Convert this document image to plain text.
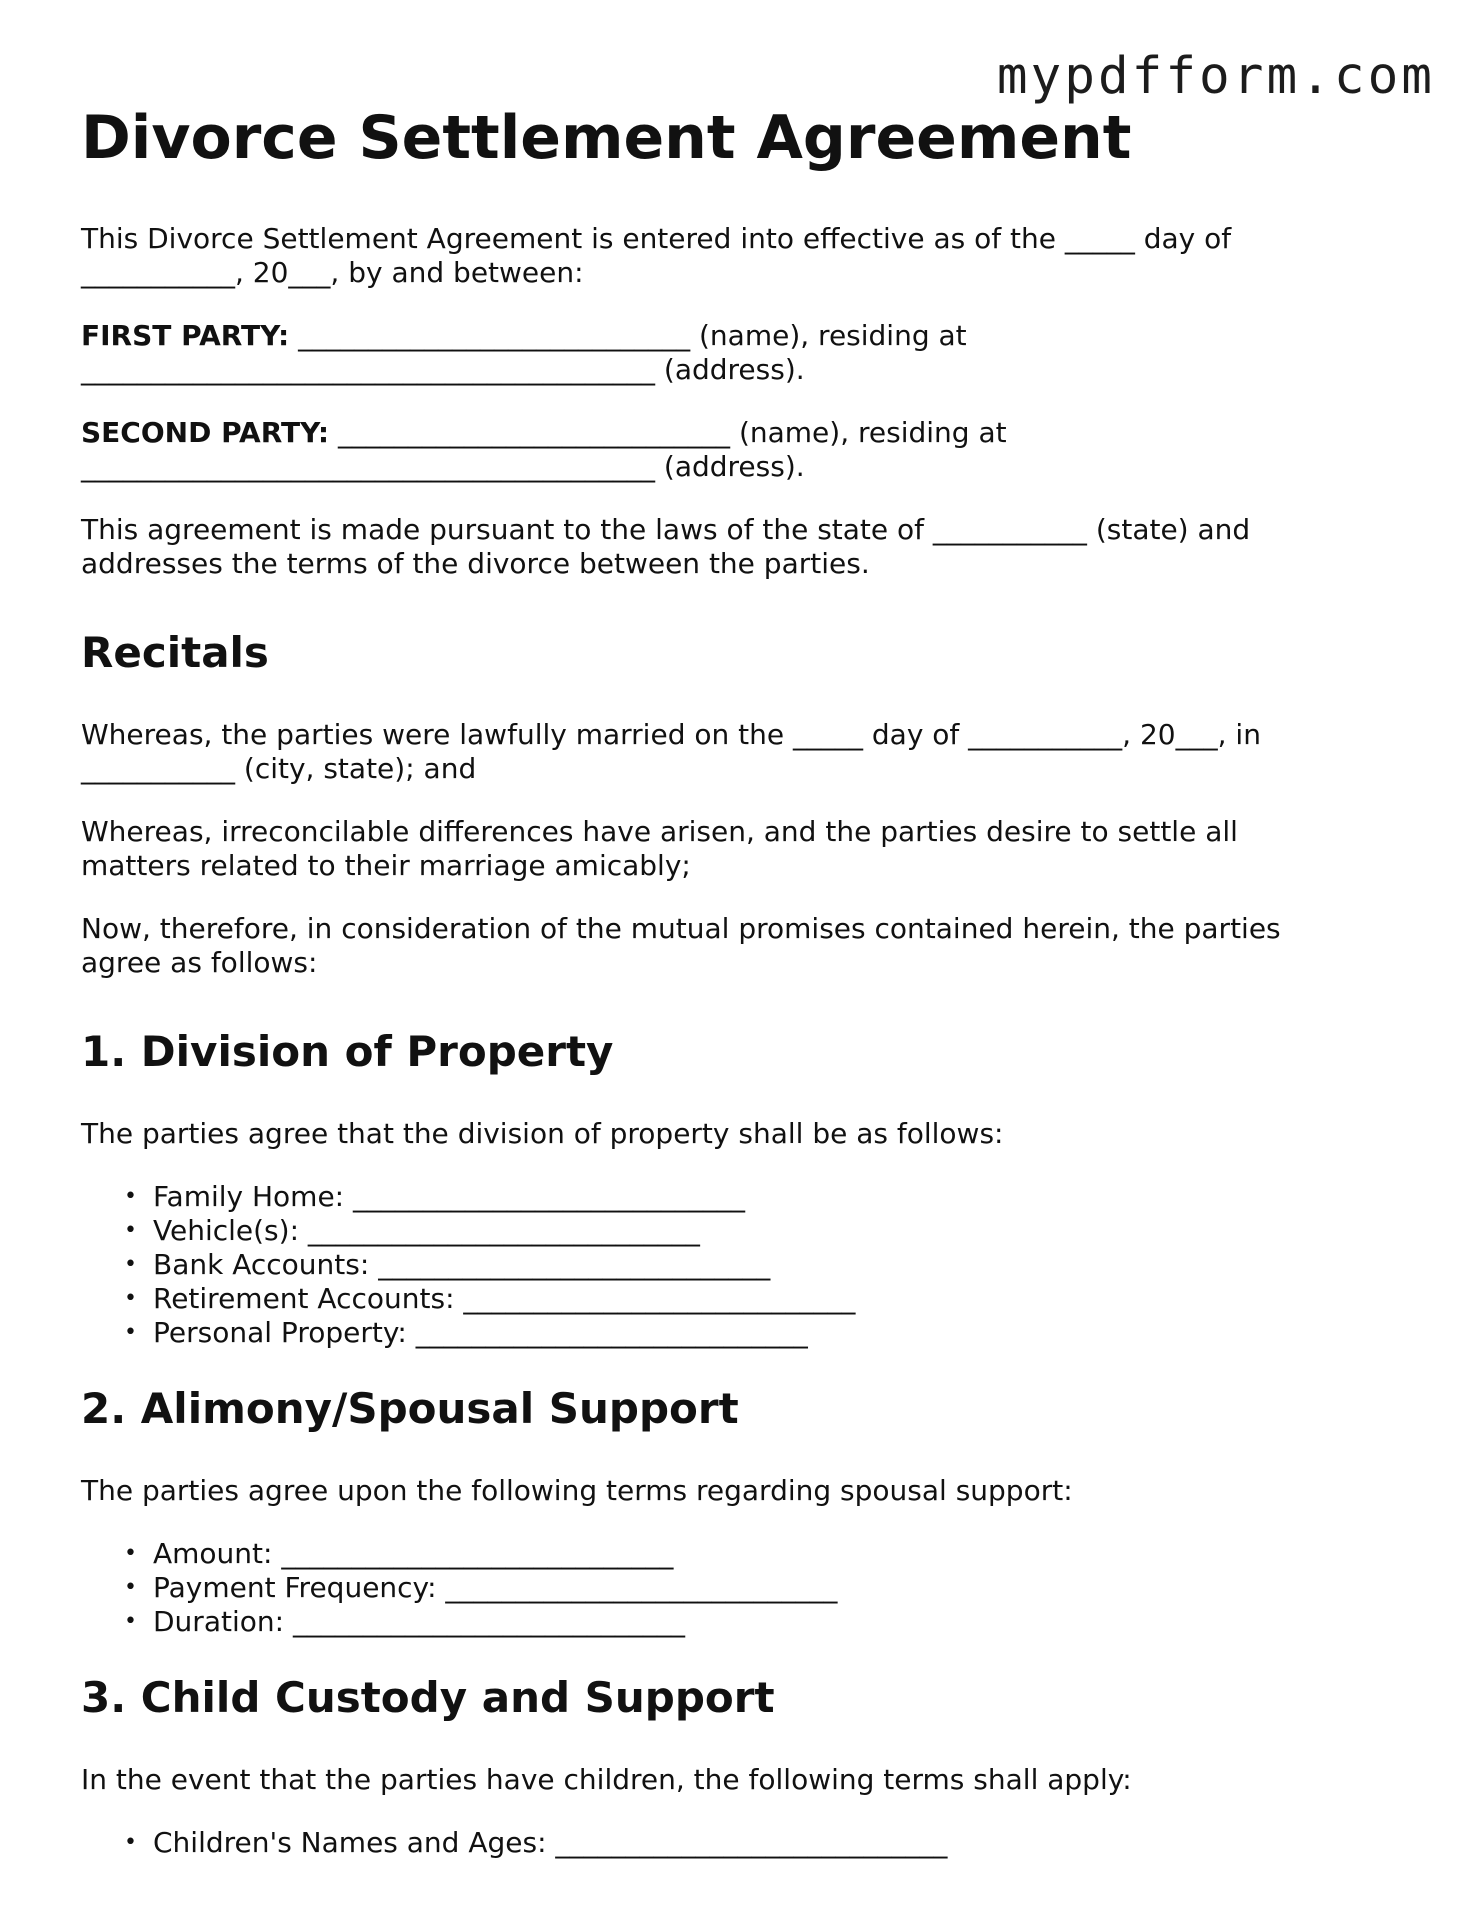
mypdfform.com
Divorce Settlement Agreement

This Divorce Settlement Agreement is entered into effective as of the _____ day of
___________, 20___, by and between:

FIRST PARTY: ____________________________ (name), residing at
_________________________________________ (address).

SECOND PARTY: ____________________________ (name), residing at
_________________________________________ (address).

This agreement is made pursuant to the laws of the state of ___________ (state) and
addresses the terms of the divorce between the parties.

Recitals

Whereas, the parties were lawfully married on the _____ day of ___________, 20___, in
___________ (city, state); and

Whereas, irreconcilable differences have arisen, and the parties desire to settle all
matters related to their marriage amicably;

Now, therefore, in consideration of the mutual promises contained herein, the parties
agree as follows:

1. Division of Property

The parties agree that the division of property shall be as follows:

• Family Home: ____________________________
• Vehicle(s): ____________________________
• Bank Accounts: ____________________________
• Retirement Accounts: ____________________________
• Personal Property: ____________________________
2. Alimony/Spousal Support

The parties agree upon the following terms regarding spousal support:

• Amount: ____________________________
• Payment Frequency: ____________________________
• Duration: ____________________________
3. Child Custody and Support

In the event that the parties have children, the following terms shall apply:

• Children's Names and Ages: ____________________________
